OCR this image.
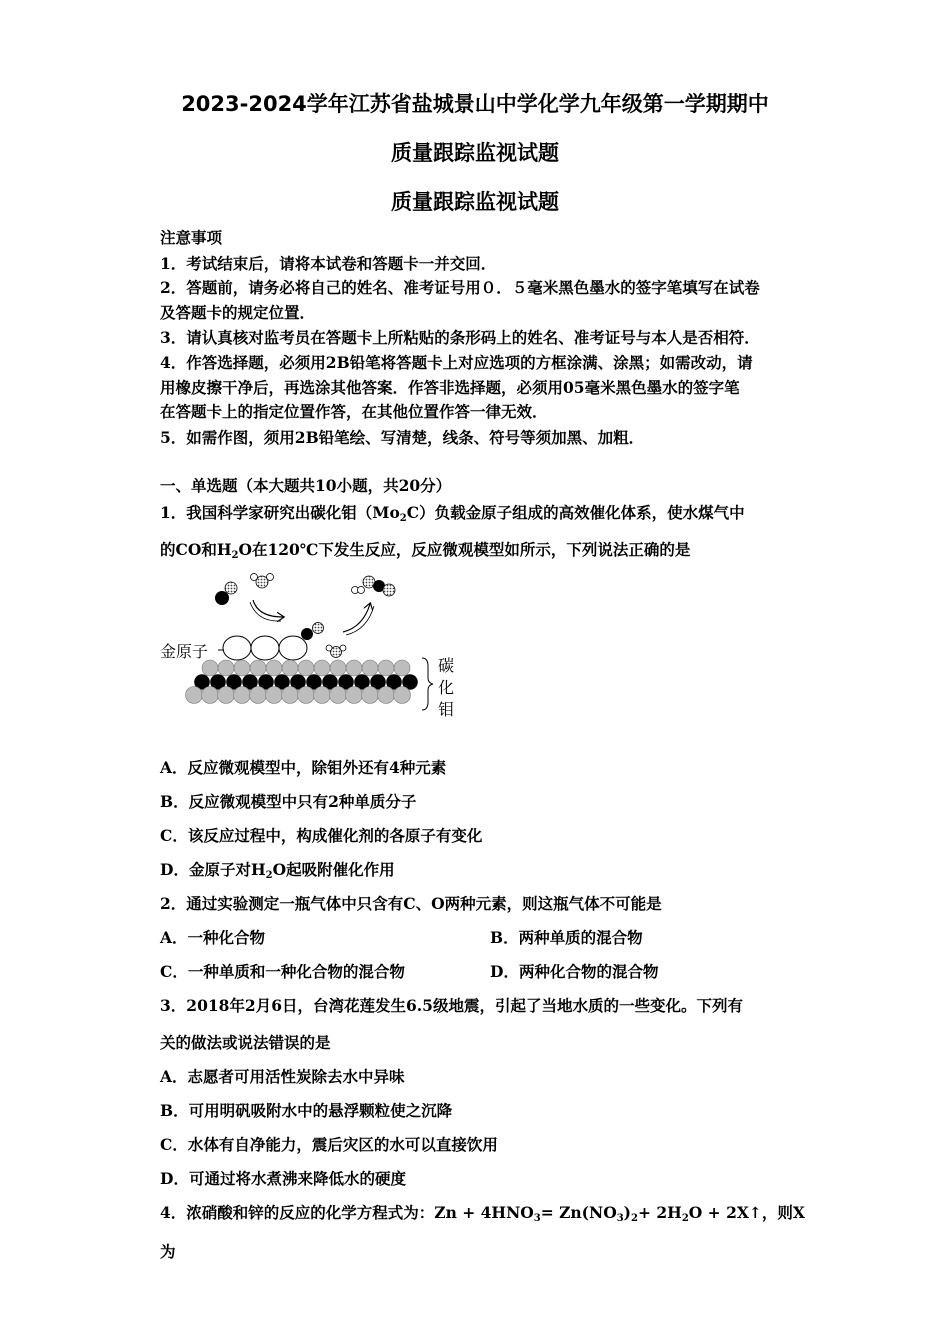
2023-2024学年江苏省盐城景山中学化学九年级第一学期期中
质量跟踪监视试题
质量跟踪监视试题
注意事项
1．考试结束后，请将本试卷和答题卡一并交回．
2．答题前，请务必将自己的姓名、准考证号用０．５毫米黑色墨水的签字笔填写在试卷
及答题卡的规定位置．
3．请认真核对监考员在答题卡上所粘贴的条形码上的姓名、准考证号与本人是否相符．
4．作答选择题，必须用2B铅笔将答题卡上对应选项的方框涂满、涂黑；如需改动，请
用橡皮擦干净后，再选涂其他答案．作答非选择题，必须用05毫米黑色墨水的签字笔
在答题卡上的指定位置作答，在其他位置作答一律无效．
5．如需作图，须用2B铅笔绘、写清楚，线条、符号等须加黑、加粗．
一、单选题（本大题共10小题，共20分）
1．我国科学家研究出碳化钼$(Mo_2C)$负载金原子组成的高效催化体系，使水煤气中
的CO和$H_2O$在120℃下发生反应，反应微观模型如所示，下列说法正确的是
金原子
碳
化
钼
A．反应微观模型中，除钼外还有4种元素
B．反应微观模型中只有2种单质分子
C．该反应过程中，构成催化剂的各原子有变化
D．金原子对$H_2O$起吸附催化作用
2．通过实验测定一瓶气体中只含有C、O两种元素，则这瓶气体不可能是
A．一种化合物	B．两种单质的混合物
C．一种单质和一种化合物的混合物	D．两种化合物的混合物
3．2018年2月6日，台湾花莲发生6.5级地震，引起了当地水质的一些变化。下列有
关的做法或说法错误的是
A．志愿者可用活性炭除去水中异味
B．可用明矾吸附水中的悬浮颗粒使之沉降
C．水体有自净能力，震后灾区的水可以直接饮用
D．可通过将水煮沸来降低水的硬度
4．浓硝酸和锌的反应的化学方程式为：$Zn + 4HNO_3= Zn(NO_3)_2+ 2H_2O$ + 2X↑，则X
为
